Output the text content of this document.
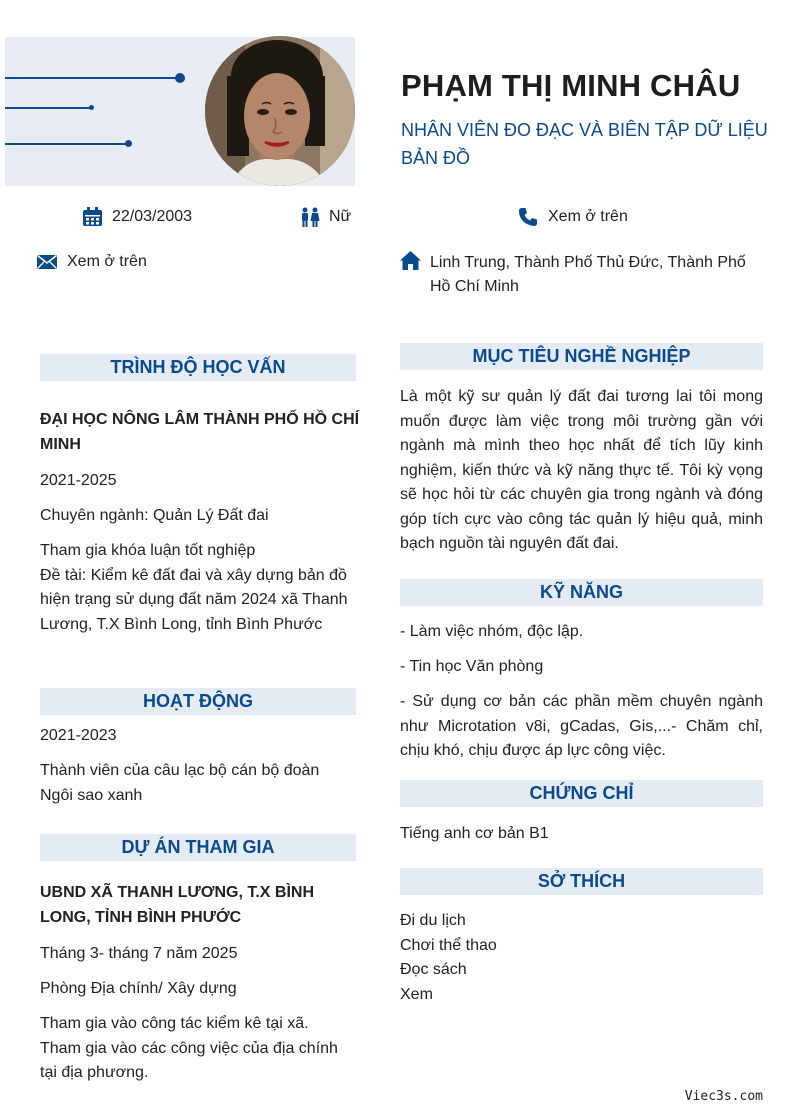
PHẠM THỊ MINH CHÂU
NHÂN VIÊN ĐO ĐẠC VÀ BIÊN TẬP DỮ LIỆU BẢN ĐỒ
22/03/2003	Nữ	Xem ở trên
Xem ở trên	Linh Trung, Thành Phố Thủ Đức, Thành Phố Hồ Chí Minh
TRÌNH ĐỘ HỌC VẤN
ĐẠI HỌC NÔNG LÂM THÀNH PHỐ HỒ CHÍ MINH
2021-2025
Chuyên ngành: Quản Lý Đất đai
Tham gia khóa luận tốt nghiệp
Đề tài: Kiểm kê đất đai và xây dựng bản đồ hiện trạng sử dụng đất năm 2024 xã Thanh Lương, T.X Bình Long, tỉnh Bình Phước
HOẠT ĐỘNG
2021-2023
Thành viên của câu lạc bộ cán bộ đoàn Ngôi sao xanh
DỰ ÁN THAM GIA
UBND XÃ THANH LƯƠNG, T.X BÌNH LONG, TỈNH BÌNH PHƯỚC
Tháng 3- tháng 7 năm 2025
Phòng Địa chính/ Xây dựng
Tham gia vào công tác kiểm kê tại xã. Tham gia vào các công việc của địa chính tại địa phương.
MỤC TIÊU NGHỀ NGHIỆP
Là một kỹ sư quản lý đất đai tương lai tôi mong muốn được làm việc trong môi trường gần với ngành mà mình theo học nhất để tích lũy kinh nghiệm, kiến thức và kỹ năng thực tế. Tôi kỳ vọng sẽ học hỏi từ các chuyên gia trong ngành và đóng góp tích cực vào công tác quản lý hiệu quả, minh bạch nguồn tài nguyên đất đai.
KỸ NĂNG
- Làm việc nhóm, độc lập.
- Tin học Văn phòng
- Sử dụng cơ bản các phần mềm chuyên ngành như Microtation v8i, gCadas, Gis,...- Chăm chỉ, chịu khó, chịu được áp lực công việc.
CHỨNG CHỈ
Tiếng anh cơ bản B1
SỞ THÍCH
Đi du lịch
Chơi thể thao
Đọc sách
Xem
Viec3s.com
